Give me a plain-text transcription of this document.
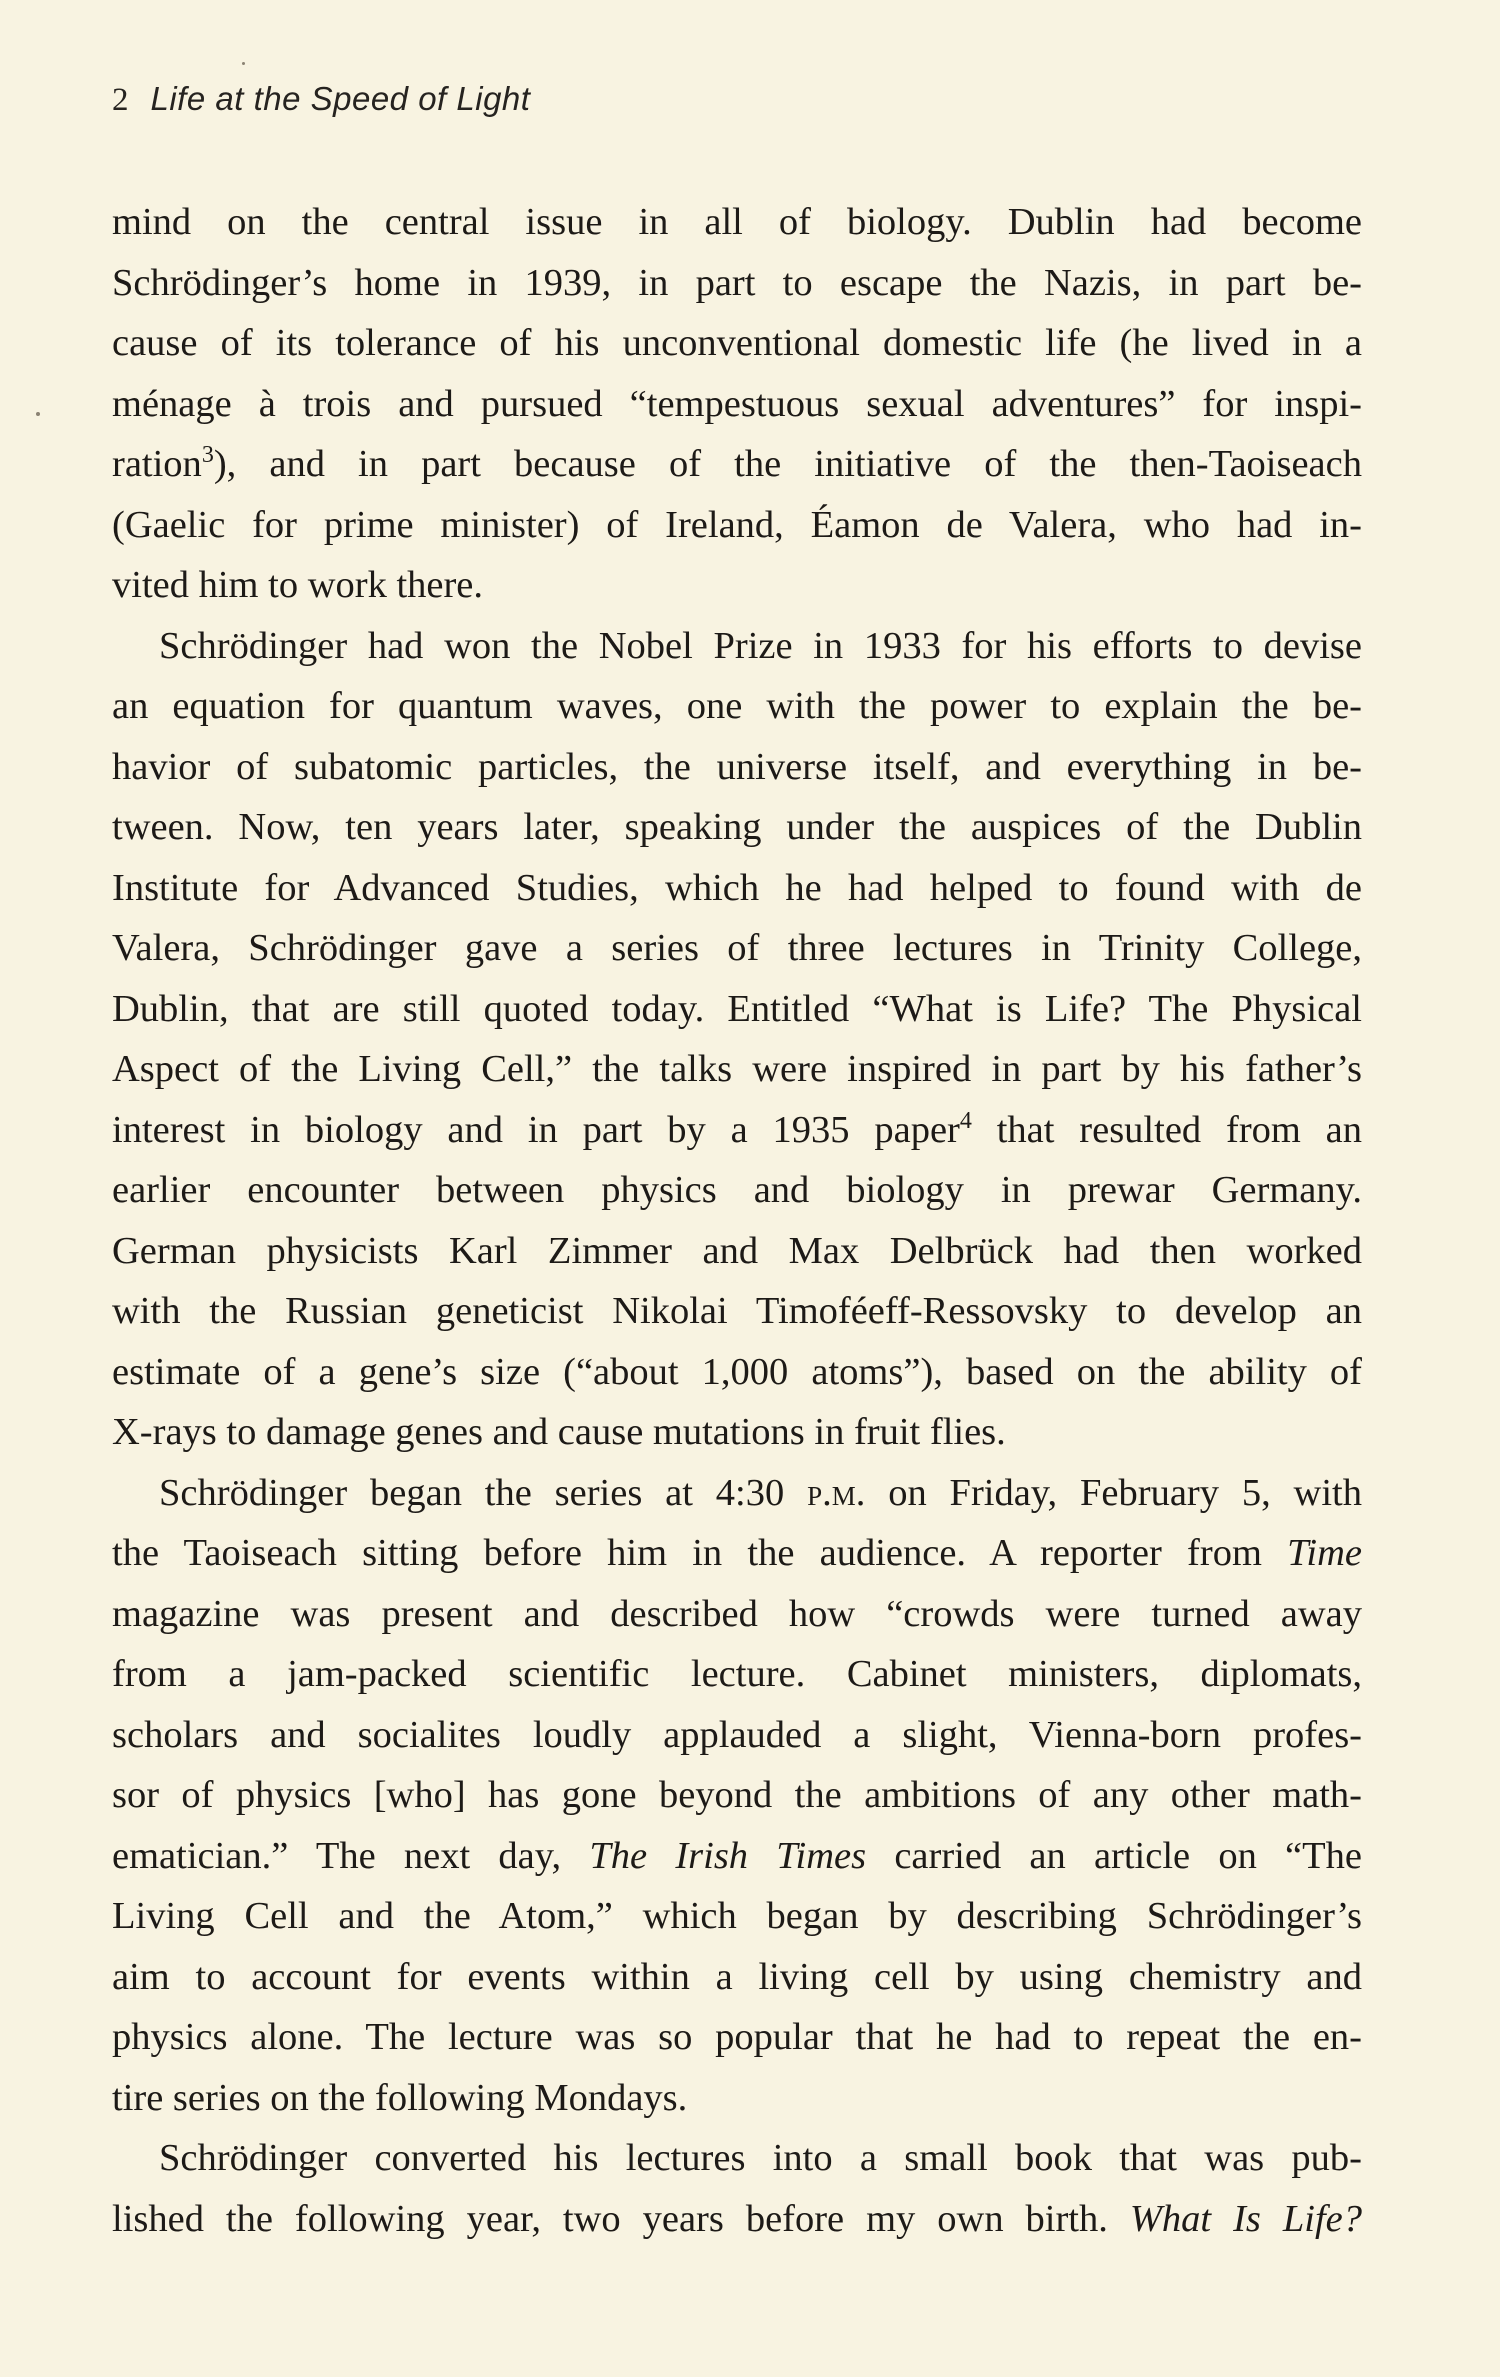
2 Life at the Speed of Light
mind on the central issue in all of biology. Dublin had become
Schrödinger’s home in 1939, in part to escape the Nazis, in part be-
cause of its tolerance of his unconventional domestic life (he lived in a
ménage à trois and pursued “tempestuous sexual adventures” for inspi-
ration$^3$), and in part because of the initiative of the then-Taoiseach
(Gaelic for prime minister) of Ireland, Éamon de Valera, who had in-
vited him to work there.
Schrödinger had won the Nobel Prize in 1933 for his efforts to devise
an equation for quantum waves, one with the power to explain the be-
havior of subatomic particles, the universe itself, and everything in be-
tween. Now, ten years later, speaking under the auspices of the Dublin
Institute for Advanced Studies, which he had helped to found with de
Valera, Schrödinger gave a series of three lectures in Trinity College,
Dublin, that are still quoted today. Entitled “What is Life? The Physical
Aspect of the Living Cell,” the talks were inspired in part by his father’s
interest in biology and in part by a 1935 paper$^4$ that resulted from an
earlier encounter between physics and biology in prewar Germany.
German physicists Karl Zimmer and Max Delbrück had then worked
with the Russian geneticist Nikolai Timoféeff-Ressovsky to develop an
estimate of a gene’s size (“about 1,000 atoms”), based on the ability of
X-rays to damage genes and cause mutations in fruit flies.
Schrödinger began the series at 4:30 p.m. on Friday, February 5, with
the Taoiseach sitting before him in the audience. A reporter from Time
magazine was present and described how “crowds were turned away
from a jam-packed scientific lecture. Cabinet ministers, diplomats,
scholars and socialites loudly applauded a slight, Vienna-born profes-
sor of physics [who] has gone beyond the ambitions of any other math-
ematician.” The next day, The Irish Times carried an article on “The
Living Cell and the Atom,” which began by describing Schrödinger’s
aim to account for events within a living cell by using chemistry and
physics alone. The lecture was so popular that he had to repeat the en-
tire series on the following Mondays.
Schrödinger converted his lectures into a small book that was pub-
lished the following year, two years before my own birth. What Is Life?
